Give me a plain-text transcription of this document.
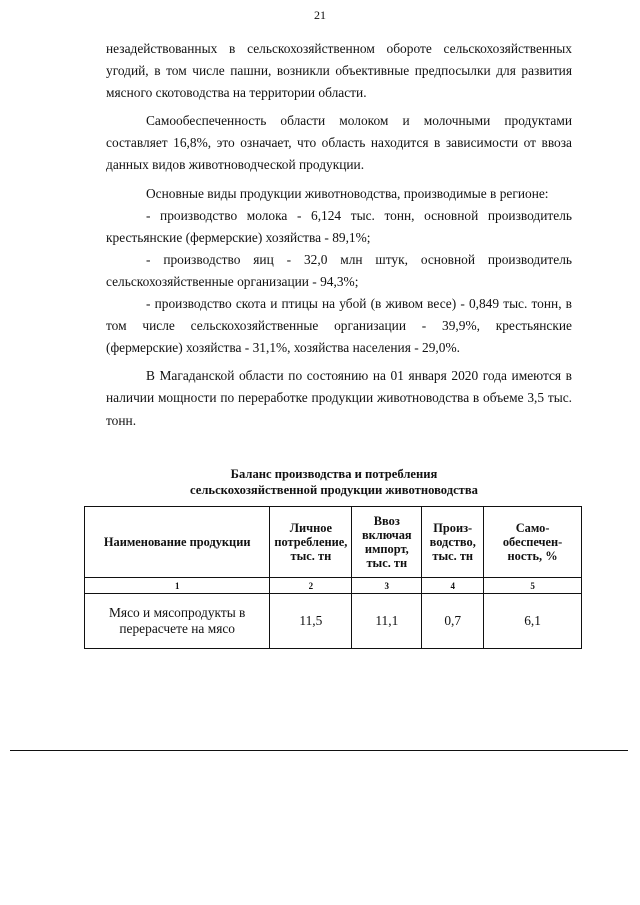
21

незадействованных в сельскохозяйственном обороте сельскохозяйственных угодий, в том числе пашни, возникли объективные предпосылки для развития мясного скотоводства на территории области.

Самообеспеченность области молоком и молочными продуктами составляет 16,8%, это означает, что область находится в зависимости от ввоза данных видов животноводческой продукции.

Основные виды продукции животноводства, производимые в регионе:

- производство молока - 6,124 тыс. тонн, основной производитель крестьянские (фермерские) хозяйства - 89,1%;

- производство яиц - 32,0 млн штук, основной производитель сельскохозяйственные организации - 94,3%;

- производство скота и птицы на убой (в живом весе) - 0,849 тыс. тонн, в том числе сельскохозяйственные организации - 39,9%, крестьянские (фермерские) хозяйства - 31,1%, хозяйства населения - 29,0%.

В Магаданской области по состоянию на 01 января 2020 года имеются в наличии мощности по переработке продукции животноводства в объеме 3,5 тыс. тонн.

Баланс производства и потребления
сельскохозяйственной продукции животноводства
Наименование продукции	Личное потребление, тыс. тн	Ввоз включая импорт, тыс. тн	Произ-водство, тыс. тн	Само-обеспечен-ность, %
1	2	3	4	5
Мясо и мясопродукты в перерасчете на мясо	11,5	11,1	0,7	6,1
